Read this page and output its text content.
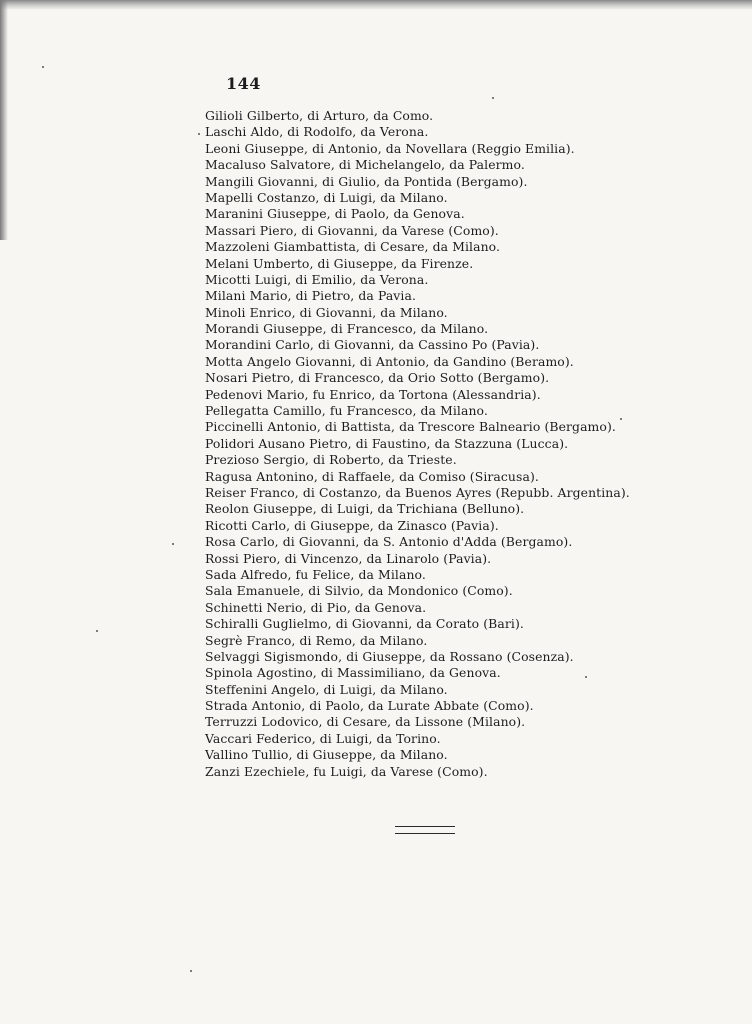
144
Gilioli Gilberto, di Arturo, da Como.
Laschi Aldo, di Rodolfo, da Verona.
Leoni Giuseppe, di Antonio, da Novellara (Reggio Emilia).
Macaluso Salvatore, di Michelangelo, da Palermo.
Mangili Giovanni, di Giulio, da Pontida (Bergamo).
Mapelli Costanzo, di Luigi, da Milano.
Maranini Giuseppe, di Paolo, da Genova.
Massari Piero, di Giovanni, da Varese (Como).
Mazzoleni Giambattista, di Cesare, da Milano.
Melani Umberto, di Giuseppe, da Firenze.
Micotti Luigi, di Emilio, da Verona.
Milani Mario, di Pietro, da Pavia.
Minoli Enrico, di Giovanni, da Milano.
Morandi Giuseppe, di Francesco, da Milano.
Morandini Carlo, di Giovanni, da Cassino Po (Pavia).
Motta Angelo Giovanni, di Antonio, da Gandino (Beramo).
Nosari Pietro, di Francesco, da Orio Sotto (Bergamo).
Pedenovi Mario, fu Enrico, da Tortona (Alessandria).
Pellegatta Camillo, fu Francesco, da Milano.
Piccinelli Antonio, di Battista, da Trescore Balneario (Bergamo).
Polidori Ausano Pietro, di Faustino, da Stazzuna (Lucca).
Prezioso Sergio, di Roberto, da Trieste.
Ragusa Antonino, di Raffaele, da Comiso (Siracusa).
Reiser Franco, di Costanzo, da Buenos Ayres (Repubb. Argentina).
Reolon Giuseppe, di Luigi, da Trichiana (Belluno).
Ricotti Carlo, di Giuseppe, da Zinasco (Pavia).
Rosa Carlo, di Giovanni, da S. Antonio d'Adda (Bergamo).
Rossi Piero, di Vincenzo, da Linarolo (Pavia).
Sada Alfredo, fu Felice, da Milano.
Sala Emanuele, di Silvio, da Mondonico (Como).
Schinetti Nerio, di Pio, da Genova.
Schiralli Guglielmo, di Giovanni, da Corato (Bari).
Segrè Franco, di Remo, da Milano.
Selvaggi Sigismondo, di Giuseppe, da Rossano (Cosenza).
Spinola Agostino, di Massimiliano, da Genova.
Steffenini Angelo, di Luigi, da Milano.
Strada Antonio, di Paolo, da Lurate Abbate (Como).
Terruzzi Lodovico, di Cesare, da Lissone (Milano).
Vaccari Federico, di Luigi, da Torino.
Vallino Tullio, di Giuseppe, da Milano.
Zanzi Ezechiele, fu Luigi, da Varese (Como).
